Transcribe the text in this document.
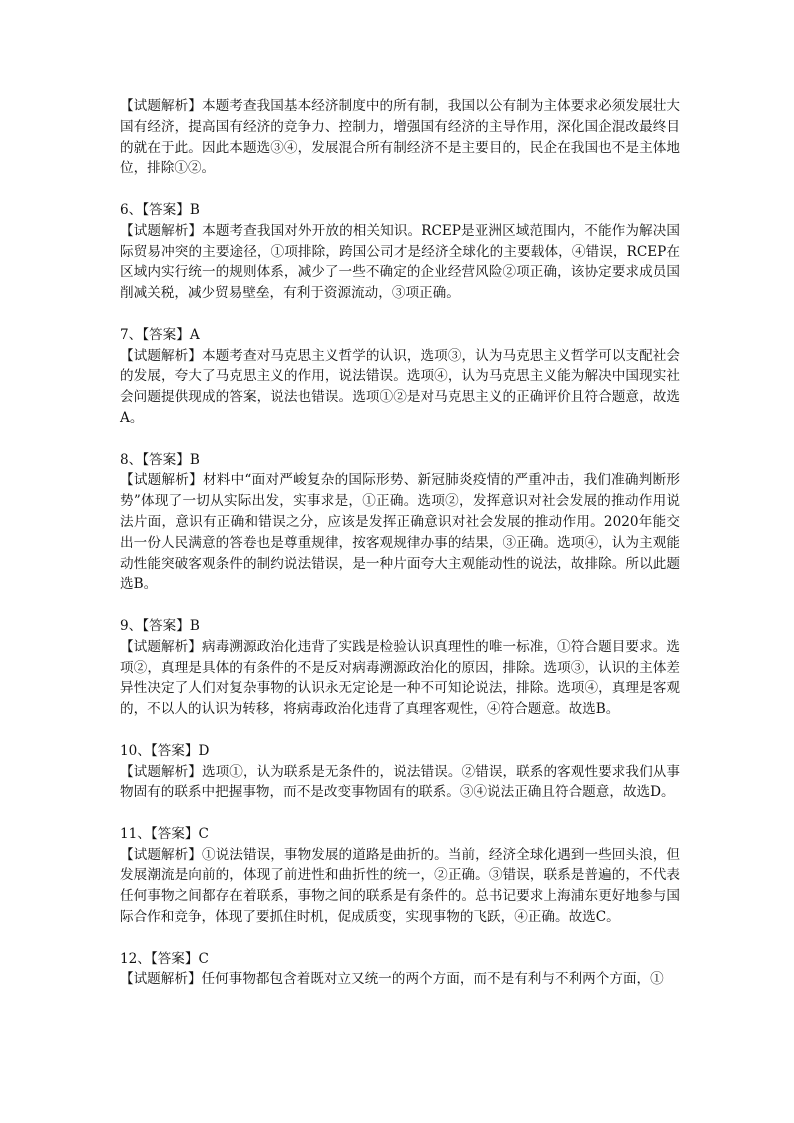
【试题解析】本题考查我国基本经济制度中的所有制，我国以公有制为主体要求必须发展壮大国有经济，提高国有经济的竞争力、控制力，增强国有经济的主导作用，深化国企混改最终目的就在于此。因此本题选③④，发展混合所有制经济不是主要目的，民企在我国也不是主体地位，排除①②。

6、【答案】B

【试题解析】本题考查我国对外开放的相关知识。RCEP是亚洲区域范围内，不能作为解决国际贸易冲突的主要途径，①项排除，跨国公司才是经济全球化的主要载体，④错误，RCEP在区域内实行统一的规则体系，减少了一些不确定的企业经营风险②项正确，该协定要求成员国削减关税，减少贸易壁垒，有利于资源流动，③项正确。

7、【答案】A

【试题解析】本题考查对马克思主义哲学的认识，选项③，认为马克思主义哲学可以支配社会的发展，夸大了马克思主义的作用，说法错误。选项④，认为马克思主义能为解决中国现实社会问题提供现成的答案，说法也错误。选项①②是对马克思主义的正确评价且符合题意，故选A。

8、【答案】B

【试题解析】材料中“面对严峻复杂的国际形势、新冠肺炎疫情的严重冲击，我们准确判断形势”体现了一切从实际出发，实事求是，①正确。选项②，发挥意识对社会发展的推动作用说法片面，意识有正确和错误之分，应该是发挥正确意识对社会发展的推动作用。2020年能交出一份人民满意的答卷也是尊重规律，按客观规律办事的结果，③正确。选项④，认为主观能动性能突破客观条件的制约说法错误，是一种片面夸大主观能动性的说法，故排除。所以此题选B。

9、【答案】B

【试题解析】病毒溯源政治化违背了实践是检验认识真理性的唯一标准，①符合题目要求。选项②，真理是具体的有条件的不是反对病毒溯源政治化的原因，排除。选项③，认识的主体差异性决定了人们对复杂事物的认识永无定论是一种不可知论说法，排除。选项④，真理是客观的，不以人的认识为转移，将病毒政治化违背了真理客观性，④符合题意。故选B。

10、【答案】D

【试题解析】选项①，认为联系是无条件的，说法错误。②错误，联系的客观性要求我们从事物固有的联系中把握事物，而不是改变事物固有的联系。③④说法正确且符合题意，故选D。

11、【答案】C

【试题解析】①说法错误，事物发展的道路是曲折的。当前，经济全球化遇到一些回头浪，但发展潮流是向前的，体现了前进性和曲折性的统一，②正确。③错误，联系是普遍的，不代表任何事物之间都存在着联系，事物之间的联系是有条件的。总书记要求上海浦东更好地参与国际合作和竞争，体现了要抓住时机，促成质变，实现事物的飞跃，④正确。故选C。

12、【答案】C

【试题解析】任何事物都包含着既对立又统一的两个方面，而不是有利与不利两个方面，①
